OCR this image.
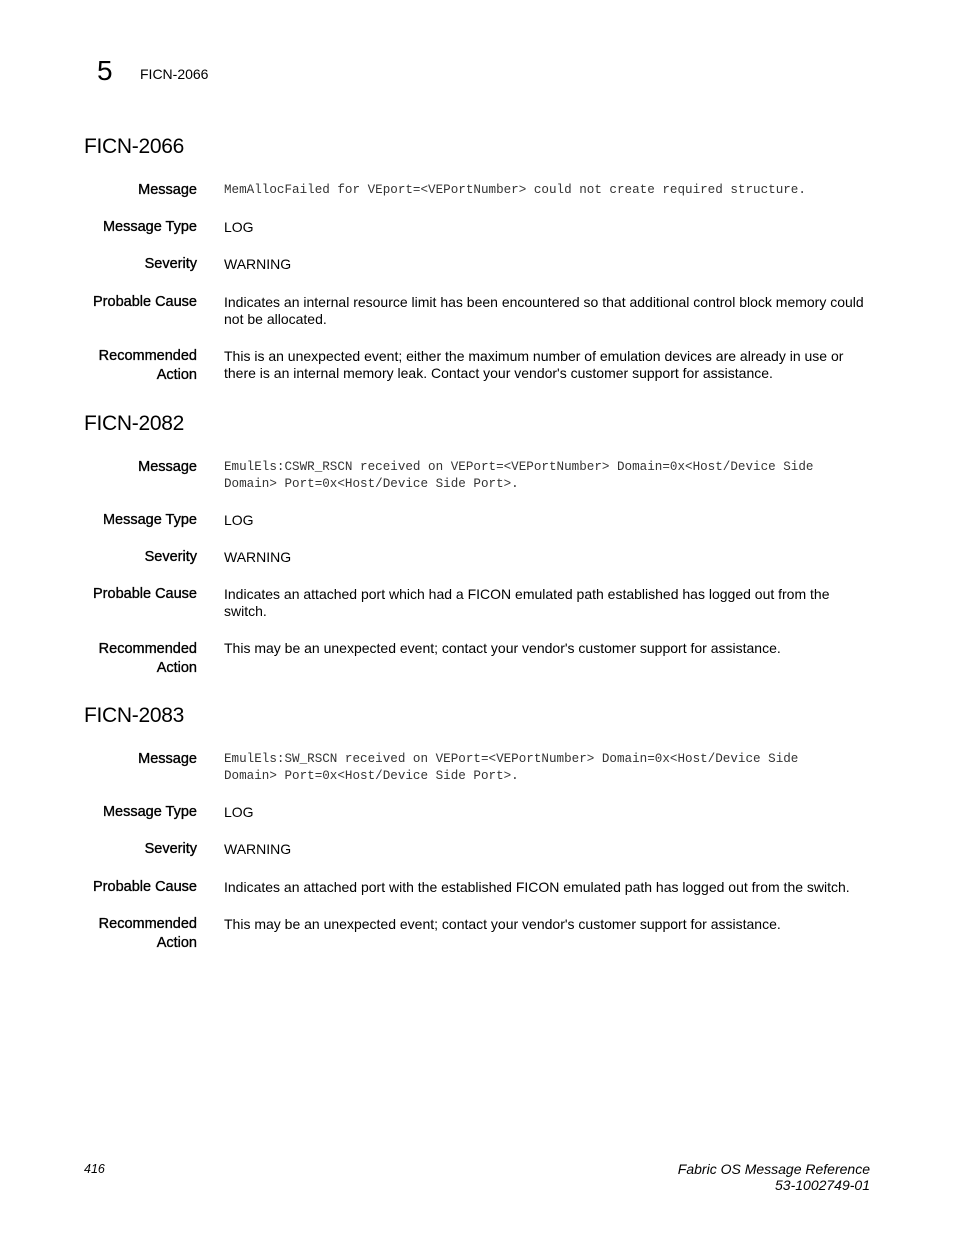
5 FICN-2066
FICN-2066
Message MemAllocFailed for VEport=<VEPortNumber> could not create required structure.
Message Type LOG
Severity WARNING
Probable Cause Indicates an internal resource limit has been encountered so that additional control block memory could
not be allocated.
Recommended
Action
This is an unexpected event; either the maximum number of emulation devices are already in use or
there is an internal memory leak. Contact your vendor's customer support for assistance.
FICN-2082
Message EmulEls:CSWR_RSCN received on VEPort=<VEPortNumber> Domain=0x<Host/Device Side
Domain> Port=0x<Host/Device Side Port>.
Message Type LOG
Severity WARNING
Probable Cause Indicates an attached port which had a FICON emulated path established has logged out from the
switch.
Recommended
Action
This may be an unexpected event; contact your vendor's customer support for assistance.
FICN-2083
Message EmulEls:SW_RSCN received on VEPort=<VEPortNumber> Domain=0x<Host/Device Side
Domain> Port=0x<Host/Device Side Port>.
Message Type LOG
Severity WARNING
Probable Cause Indicates an attached port with the established FICON emulated path has logged out from the switch.
Recommended
Action
This may be an unexpected event; contact your vendor's customer support for assistance.
416	Fabric OS Message Reference
53-1002749-01
